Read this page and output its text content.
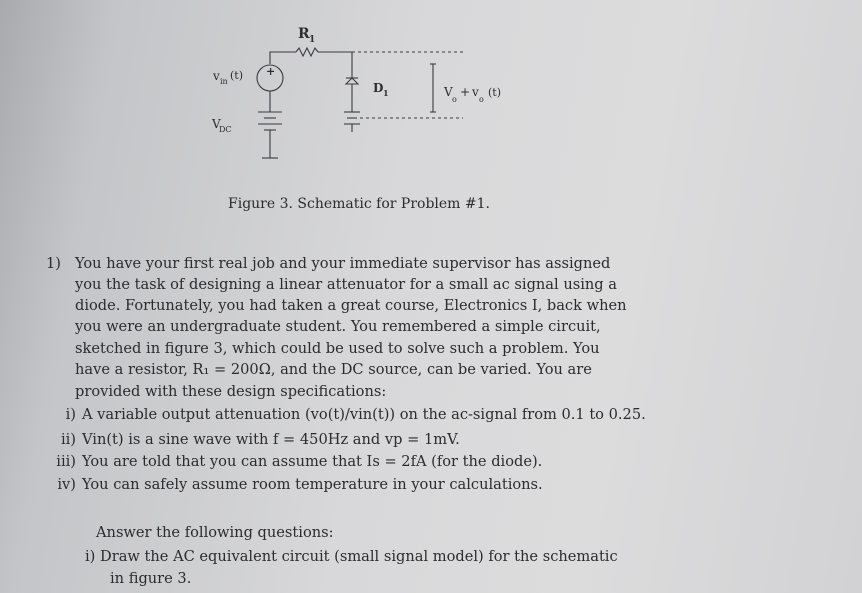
R 1
v in (t) +
V
DC
D 1	V
o
+ v
o
(t)
Figure 3. Schematic for Problem #1.
1) You have your first real job and your immediate supervisor has assigned
you the task of designing a linear attenuator for a small ac signal using a
diode. Fortunately, you had taken a great course, Electronics I, back when
you were an undergraduate student. You remembered a simple circuit,
sketched in figure 3, which could be used to solve such a problem. You
have a resistor, R₁ = 200Ω, and the DC source, can be varied. You are
provided with these design specifications:
i) A variable output attenuation (vo(t)/vin(t)) on the ac-signal from 0.1 to 0.25.
ii) Vin(t) is a sine wave with f = 450Hz and vp = 1mV.
iii) You are told that you can assume that Is = 2fA (for the diode).
iv) You can safely assume room temperature in your calculations.
Answer the following questions:
i) Draw the AC equivalent circuit (small signal model) for the schematic
in figure 3.
